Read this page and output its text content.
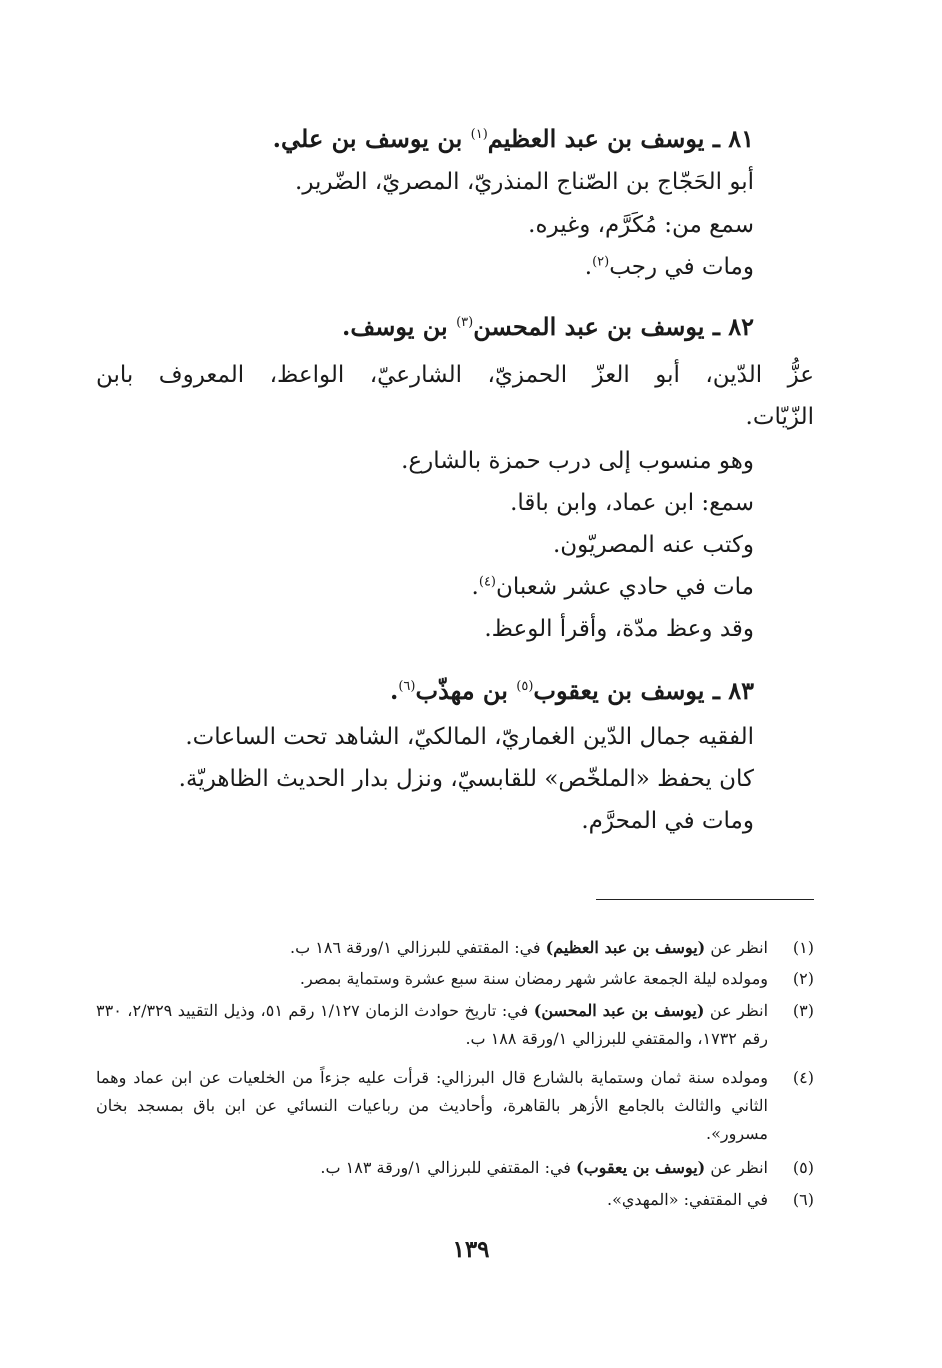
٨١ ـ يوسف بن عبد العظيم$^{(١)}$ بن يوسف بن علي.
أبو الحَجّاج بن الصّناج المنذريّ، المصريّ، الضّرير.
سمع من: مُكَرَّم، وغيره.
ومات في رجب$^{(٢)}$.
٨٢ ـ يوسف بن عبد المحسن$^{(٣)}$ بن يوسف.
عزُّ الدّين، أبو العزّ الحمزيّ، الشارعيّ، الواعظ، المعروف بابن
الزّيّات.
وهو منسوب إلى درب حمزة بالشارع.
سمع: ابن عماد، وابن باقا.
وكتب عنه المصريّون.
مات في حادي عشر شعبان$^{(٤)}$.
وقد وعظ مدّة، وأقرأ الوعظ.
٨٣ ـ يوسف بن يعقوب$^{(٥)}$ بن مهذّب$^{(٦)}$.
الفقيه جمال الدّين الغماريّ، المالكيّ، الشاهد تحت الساعات.
كان يحفظ «الملخّص» للقابسيّ، ونزل بدار الحديث الظاهريّة.
ومات في المحرَّم.
(١)
انظر عن (يوسف بن عبد العظيم) في: المقتفي للبرزالي ١/ورقة ١٨٦ ب.
(٢)
ومولده ليلة الجمعة عاشر شهر رمضان سنة سبع عشرة وستماية بمصر.
(٣)
انظر عن (يوسف بن عبد المحسن) في: تاريخ حوادث الزمان ١/١٢٧ رقم ٥١، وذيل التقييد ٢/٣٢٩، ٣٣٠ رقم ١٧٣٢، والمقتفي للبرزالي ١/ورقة ١٨٨ ب.
(٤)
ومولده سنة ثمان وستماية بالشارع قال البرزالي: قرأت عليه جزءاً من الخلعيات عن ابن عماد وهما الثاني والثالث بالجامع الأزهر بالقاهرة، وأحاديث من رباعيات النسائي عن ابن باق بمسجد بخان مسرور».
(٥)
انظر عن (يوسف بن يعقوب) في: المقتفي للبرزالي ١/ورقة ١٨٣ ب.
(٦)
في المقتفي: «المهدي».
١٣٩
